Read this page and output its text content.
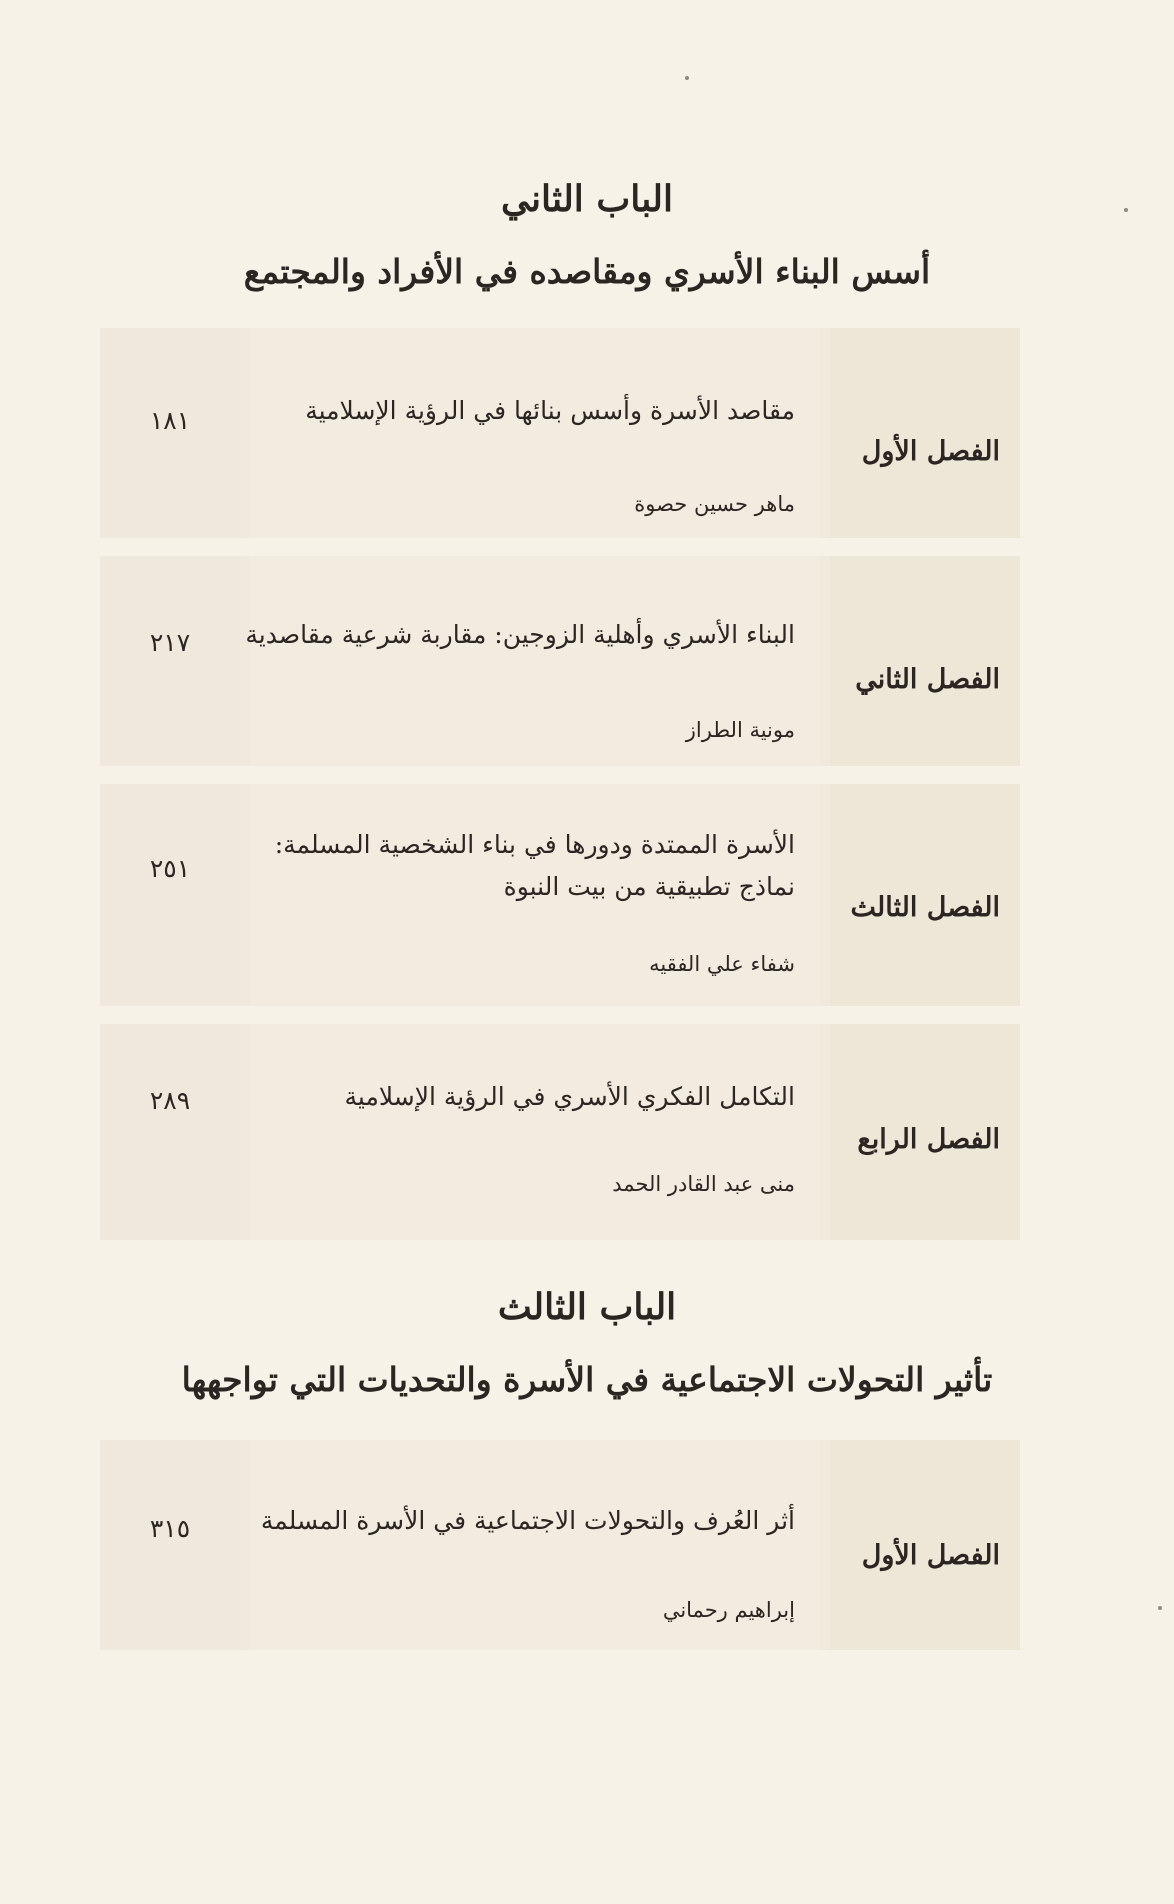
الباب الثاني
أسس البناء الأسري ومقاصده في الأفراد والمجتمع
الفصل الأول
مقاصد الأسرة وأسس بنائها في الرؤية الإسلامية
ماهر حسين حصوة
١٨١
الفصل الثاني
البناء الأسري وأهلية الزوجين: مقاربة شرعية مقاصدية
مونية الطراز
٢١٧
الفصل الثالث
الأسرة الممتدة ودورها في بناء الشخصية المسلمة: نماذج تطبيقية من بيت النبوة
شفاء علي الفقيه
٢٥١
الفصل الرابع
التكامل الفكري الأسري في الرؤية الإسلامية
منى عبد القادر الحمد
٢٨٩
الباب الثالث
تأثير التحولات الاجتماعية في الأسرة والتحديات التي تواجهها
الفصل الأول
أثر العُرف والتحولات الاجتماعية في الأسرة المسلمة
إبراهيم رحماني
٣١٥
